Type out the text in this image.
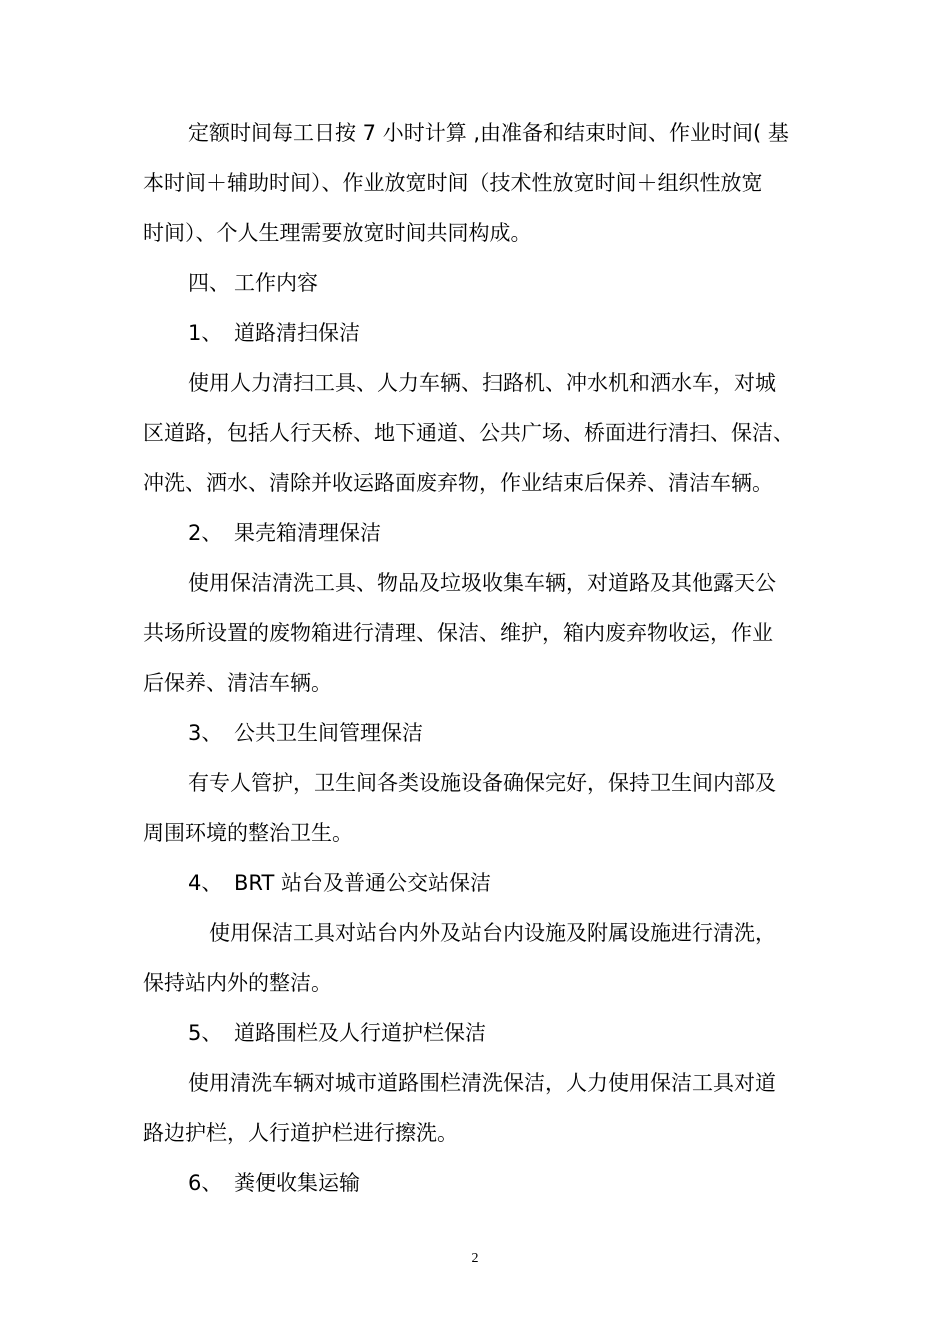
定额时间每工日按 7 小时计算 ,由准备和结束时间、作业时间( 基
本时间＋辅助时间）、作业放宽时间（技术性放宽时间＋组织性放宽
时间）、个人生理需要放宽时间共同构成。
四、 工作内容
1、 道路清扫保洁
使用人力清扫工具、人力车辆、扫路机、冲水机和洒水车，对城
区道路，包括人行天桥、地下通道、公共广场、桥面进行清扫、保洁、
冲洗、洒水、清除并收运路面废弃物，作业结束后保养、清洁车辆。
2、 果壳箱清理保洁
使用保洁清洗工具、物品及垃圾收集车辆，对道路及其他露天公
共场所设置的废物箱进行清理、保洁、维护，箱内废弃物收运，作业
后保养、清洁车辆。
3、 公共卫生间管理保洁
有专人管护，卫生间各类设施设备确保完好，保持卫生间内部及
周围环境的整治卫生。
4、 BRT 站台及普通公交站保洁
使用保洁工具对站台内外及站台内设施及附属设施进行清洗，
保持站内外的整洁。
5、 道路围栏及人行道护栏保洁
使用清洗车辆对城市道路围栏清洗保洁，人力使用保洁工具对道
路边护栏，人行道护栏进行擦洗。
6、 粪便收集运输
2
